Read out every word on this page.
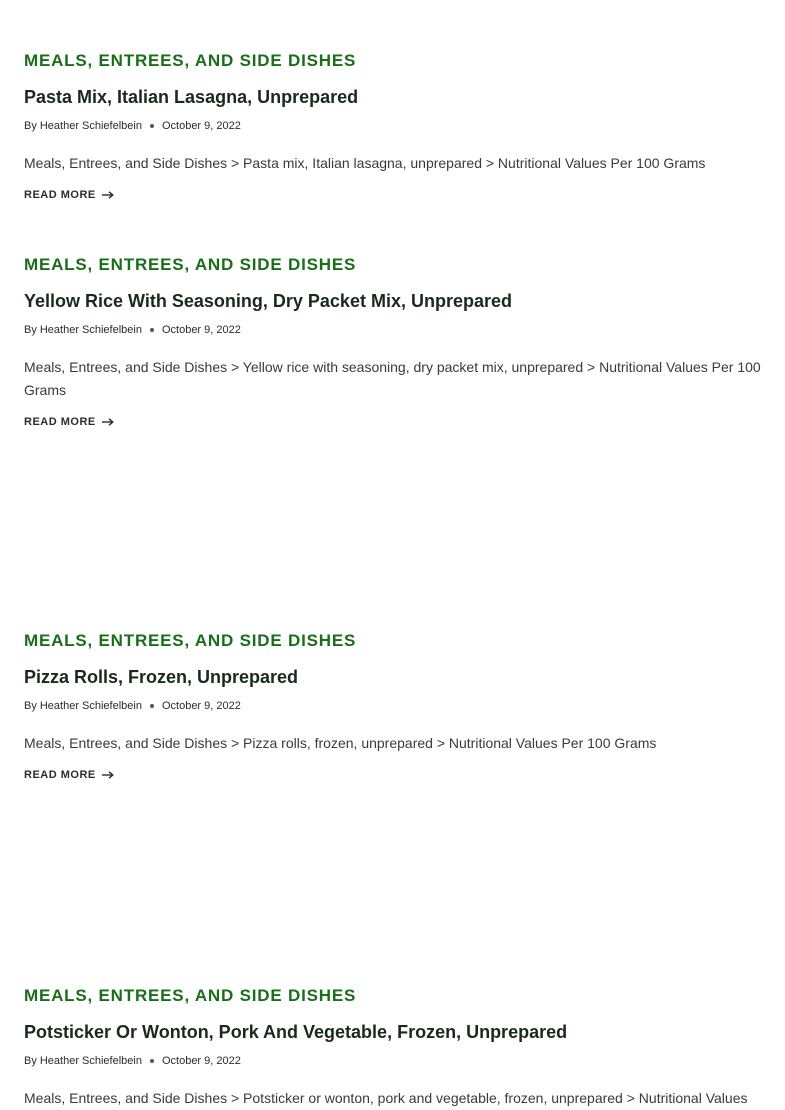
MEALS, ENTREES, AND SIDE DISHES
Pasta Mix, Italian Lasagna, Unprepared
By Heather Schiefelbein October 9, 2022

Meals, Entrees, and Side Dishes > Pasta mix, Italian lasagna, unprepared > Nutritional Values Per 100 Grams

READ MORE
MEALS, ENTREES, AND SIDE DISHES
Yellow Rice With Seasoning, Dry Packet Mix, Unprepared
By Heather Schiefelbein October 9, 2022

Meals, Entrees, and Side Dishes > Yellow rice with seasoning, dry packet mix, unprepared > Nutritional Values Per 100 Grams

READ MORE
MEALS, ENTREES, AND SIDE DISHES
Pizza Rolls, Frozen, Unprepared
By Heather Schiefelbein October 9, 2022

Meals, Entrees, and Side Dishes > Pizza rolls, frozen, unprepared > Nutritional Values Per 100 Grams

READ MORE
MEALS, ENTREES, AND SIDE DISHES
Potsticker Or Wonton, Pork And Vegetable, Frozen, Unprepared
By Heather Schiefelbein October 9, 2022

Meals, Entrees, and Side Dishes > Potsticker or wonton, pork and vegetable, frozen, unprepared > Nutritional Values
